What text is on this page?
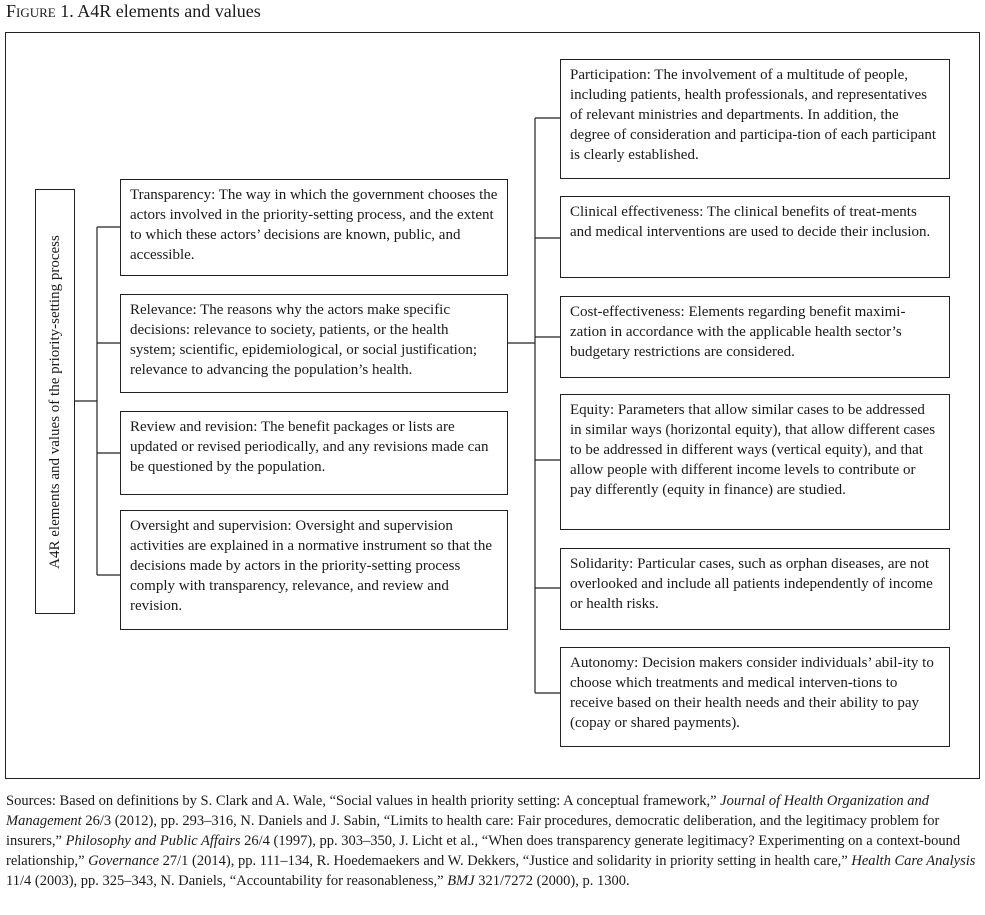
Figure 1. A4R elements and values
A4R elements and values of the priority-setting process
Transparency: The way in which the government chooses the actors involved in the priority-setting process, and the extent to which these actors’ decisions are known, public, and accessible.
Relevance: The reasons why the actors make specific decisions: relevance to society, patients, or the health system; scientific, epidemiological, or social justification; relevance to advancing the population’s health.
Review and revision: The benefit packages or lists are updated or revised periodically, and any revisions made can be questioned by the population.
Oversight and supervision: Oversight and supervision activities are explained in a normative instrument so that the decisions made by actors in the priority-setting process comply with transparency, relevance, and review and revision.
Participation: The involvement of a multitude of people, including patients, health professionals, and representatives of relevant ministries and departments. In addition, the degree of consideration and participa-tion of each participant is clearly established.
Clinical effectiveness: The clinical benefits of treat-ments and medical interventions are used to decide their inclusion.
Cost-effectiveness: Elements regarding benefit maximi-zation in accordance with the applicable health sector’s budgetary restrictions are considered.
Equity: Parameters that allow similar cases to be addressed in similar ways (horizontal equity), that allow different cases to be addressed in different ways (vertical equity), and that allow people with different income levels to contribute or pay differently (equity in finance) are studied.
Solidarity: Particular cases, such as orphan diseases, are not overlooked and include all patients independently of income or health risks.
Autonomy: Decision makers consider individuals’ abil-ity to choose which treatments and medical interven-tions to receive based on their health needs and their ability to pay (copay or shared payments).
Sources: Based on definitions by S. Clark and A. Wale, “Social values in health priority setting: A conceptual framework,” Journal of Health Organization and Management 26/3 (2012), pp. 293–316, N. Daniels and J. Sabin, “Limits to health care: Fair procedures, democratic deliberation, and the legitimacy problem for insurers,” Philosophy and Public Affairs 26/4 (1997), pp. 303–350, J. Licht et al., “When does transparency generate legitimacy? Experimenting on a context-bound relationship,” Governance 27/1 (2014), pp. 111–134, R. Hoedemaekers and W. Dekkers, “Justice and solidarity in priority setting in health care,” Health Care Analysis 11/4 (2003), pp. 325–343, N. Daniels, “Accountability for reasonableness,” BMJ 321/7272 (2000), p. 1300.
